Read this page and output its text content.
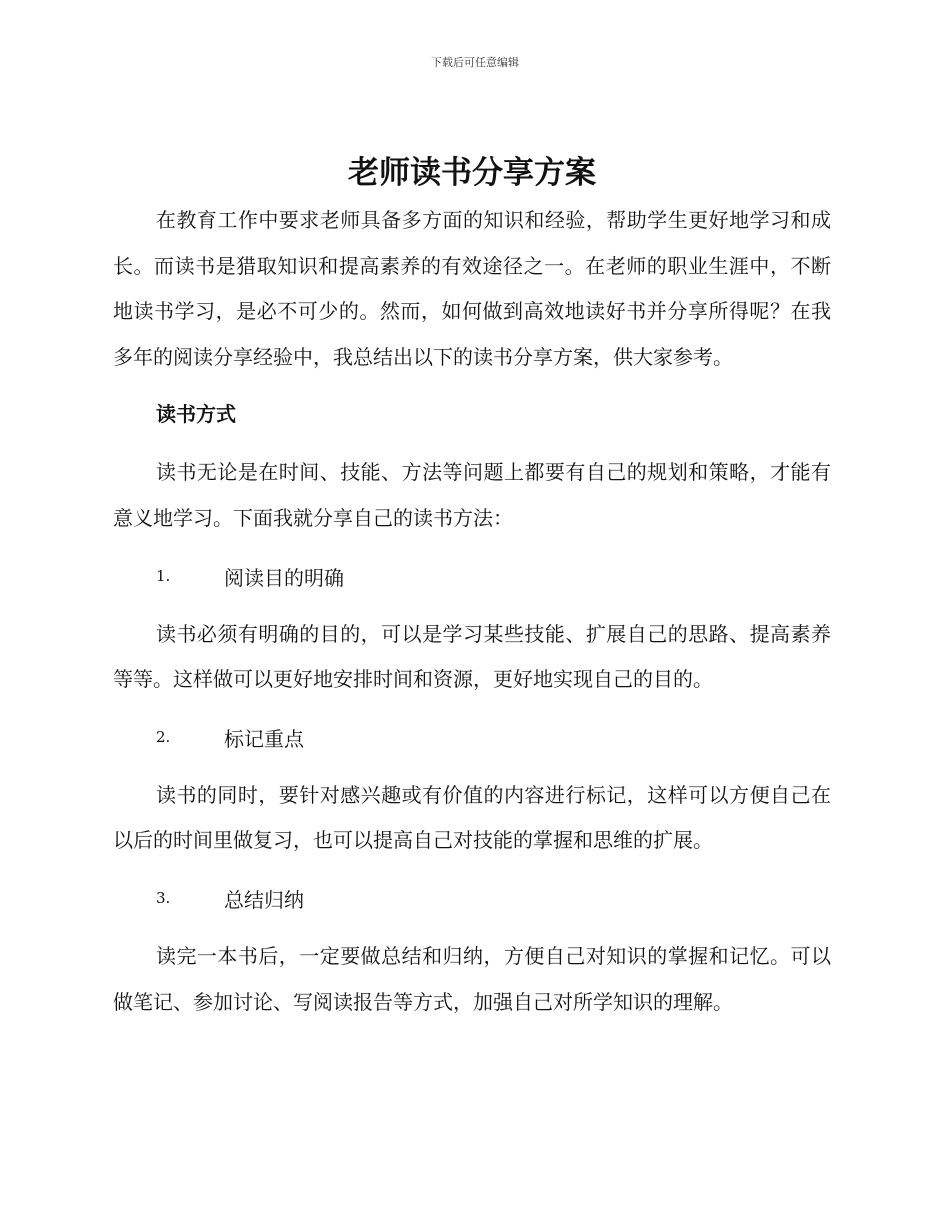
下载后可任意编辑
老师读书分享方案

在教育工作中要求老师具备多方面的知识和经验，帮助学生更好地学习和成长。而读书是猎取知识和提高素养的有效途径之一。在老师的职业生涯中，不断地读书学习，是必不可少的。然而，如何做到高效地读好书并分享所得呢？在我多年的阅读分享经验中，我总结出以下的读书分享方案，供大家参考。

读书方式

读书无论是在时间、技能、方法等问题上都要有自己的规划和策略，才能有意义地学习。下面我就分享自己的读书方法：

1.	阅读目的明确

读书必须有明确的目的，可以是学习某些技能、扩展自己的思路、提高素养等等。这样做可以更好地安排时间和资源，更好地实现自己的目的。

2.	标记重点

读书的同时，要针对感兴趣或有价值的内容进行标记，这样可以方便自己在以后的时间里做复习，也可以提高自己对技能的掌握和思维的扩展。

3.	总结归纳

读完一本书后，一定要做总结和归纳，方便自己对知识的掌握和记忆。可以做笔记、参加讨论、写阅读报告等方式，加强自己对所学知识的理解。
